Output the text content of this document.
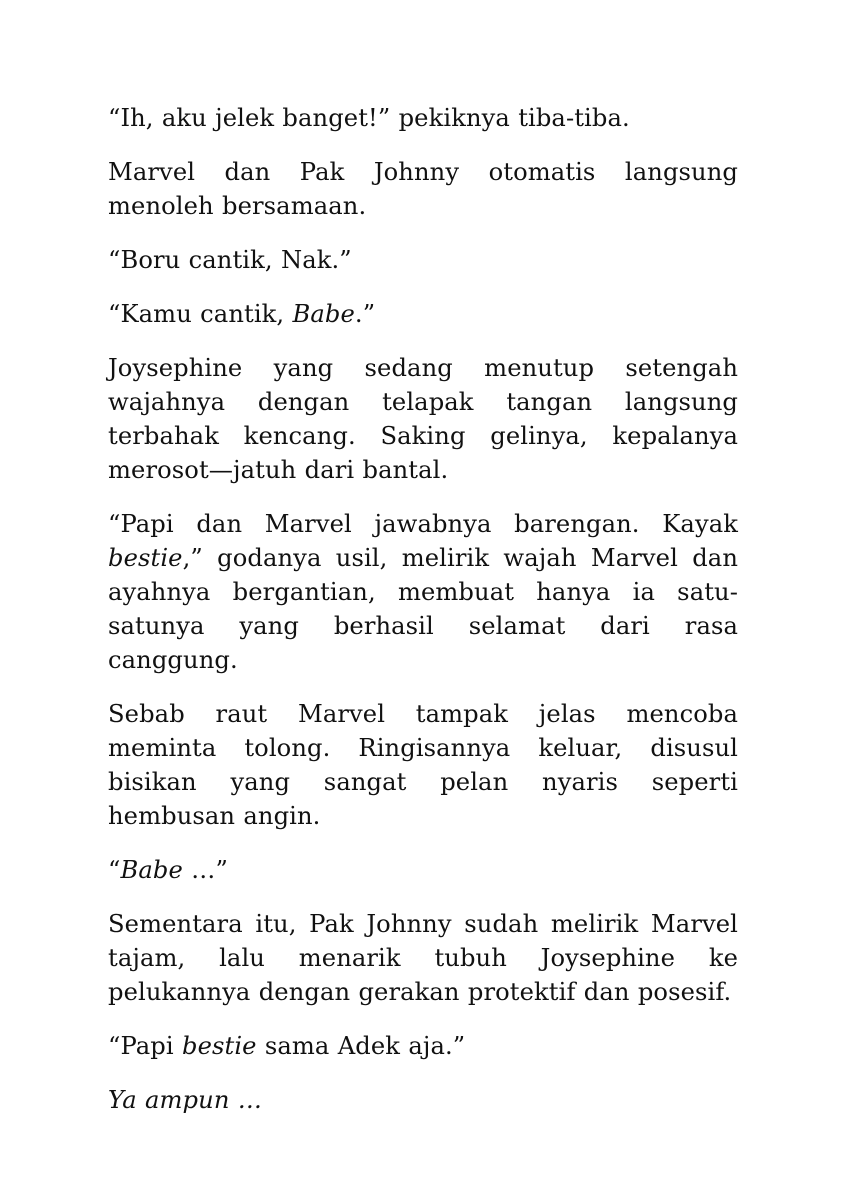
“Ih, aku jelek banget!” pekiknya tiba-tiba.

Marvel dan Pak Johnny otomatis langsung menoleh bersamaan.

“Boru cantik, Nak.”

“Kamu cantik, Babe.”

Joysephine yang sedang menutup setengah wajahnya dengan telapak tangan langsung terbahak kencang. Saking gelinya, kepalanya merosot—jatuh dari bantal.

“Papi dan Marvel jawabnya barengan. Kayak bestie,” godanya usil, melirik wajah Marvel dan ayahnya bergantian, membuat hanya ia satu-satunya yang berhasil selamat dari rasa canggung.

Sebab raut Marvel tampak jelas mencoba meminta tolong. Ringisannya keluar, disusul bisikan yang sangat pelan nyaris seperti hembusan angin.

“Babe …”

Sementara itu, Pak Johnny sudah melirik Marvel tajam, lalu menarik tubuh Joysephine ke pelukannya dengan gerakan protektif dan posesif.

“Papi bestie sama Adek aja.”

Ya ampun …
